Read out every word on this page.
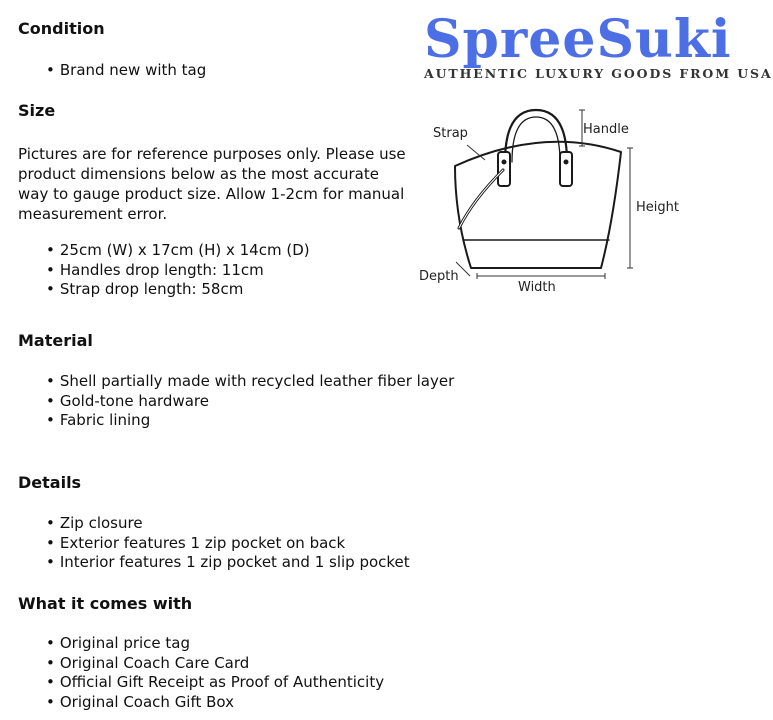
Condition
• Brand new with tag
Size

Pictures are for reference purposes only. Please use product dimensions below as the most accurate way to gauge product size. Allow 1-2cm for manual measurement error.

• 25cm (W) x 17cm (H) x 14cm (D)
• Handles drop length: 11cm
• Strap drop length: 58cm
Material
• Shell partially made with recycled leather fiber layer
• Gold-tone hardware
• Fabric lining
Details
• Zip closure
• Exterior features 1 zip pocket on back
• Interior features 1 zip pocket and 1 slip pocket
What it comes with
• Original price tag
• Original Coach Care Card
• Official Gift Receipt as Proof of Authenticity
• Original Coach Gift Box
SpreeSuki
AUTHENTIC LUXURY GOODS FROM USA
Strap	Handle
Height
Depth
Width
